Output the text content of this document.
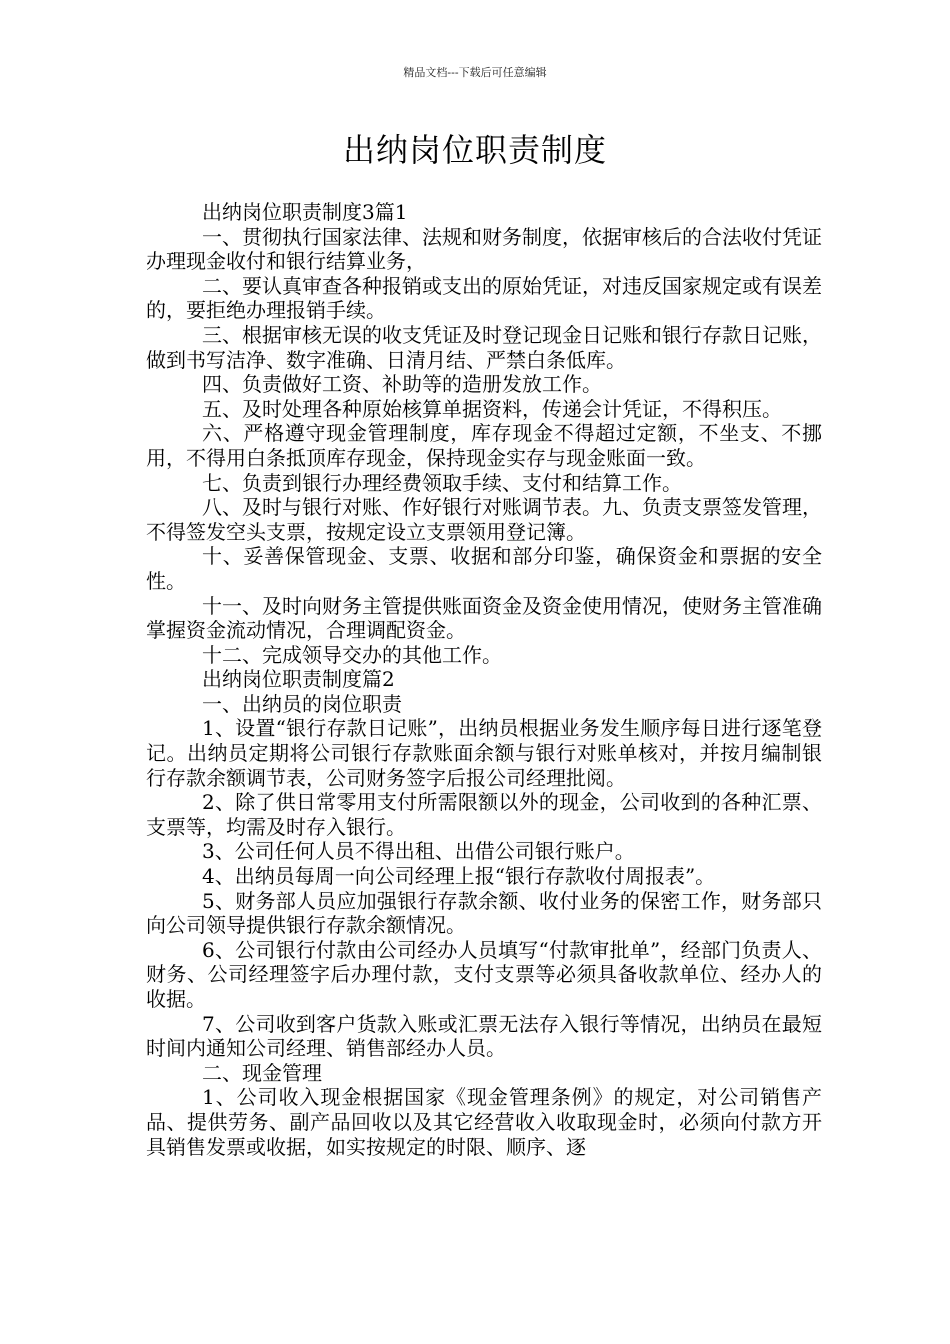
精品文档---下载后可任意编辑
出纳岗位职责制度

出纳岗位职责制度3篇1

一、贯彻执行国家法律、法规和财务制度，依据审核后的合法收付凭证办理现金收付和银行结算业务，

二、要认真审查各种报销或支出的原始凭证，对违反国家规定或有误差的，要拒绝办理报销手续。

三、根据审核无误的收支凭证及时登记现金日记账和银行存款日记账，做到书写洁净、数字准确、日清月结、严禁白条低库。

四、负责做好工资、补助等的造册发放工作。

五、及时处理各种原始核算单据资料，传递会计凭证，不得积压。

六、严格遵守现金管理制度，库存现金不得超过定额，不坐支、不挪用，不得用白条抵顶库存现金，保持现金实存与现金账面一致。

七、负责到银行办理经费领取手续、支付和结算工作。

八、及时与银行对账、作好银行对账调节表。九、负责支票签发管理，不得签发空头支票，按规定设立支票领用登记簿。

十、妥善保管现金、支票、收据和部分印鉴，确保资金和票据的安全性。

十一、及时向财务主管提供账面资金及资金使用情况，使财务主管准确掌握资金流动情况，合理调配资金。

十二、完成领导交办的其他工作。

出纳岗位职责制度篇2

一、出纳员的岗位职责

1、设置“银行存款日记账”，出纳员根据业务发生顺序每日进行逐笔登记。出纳员定期将公司银行存款账面余额与银行对账单核对，并按月编制银行存款余额调节表，公司财务签字后报公司经理批阅。

2、除了供日常零用支付所需限额以外的现金，公司收到的各种汇票、支票等，均需及时存入银行。

3、公司任何人员不得出租、出借公司银行账户。

4、出纳员每周一向公司经理上报“银行存款收付周报表”。

5、财务部人员应加强银行存款余额、收付业务的保密工作，财务部只向公司领导提供银行存款余额情况。

6、公司银行付款由公司经办人员填写“付款审批单”，经部门负责人、财务、公司经理签字后办理付款，支付支票等必须具备收款单位、经办人的收据。

7、公司收到客户货款入账或汇票无法存入银行等情况，出纳员在最短时间内通知公司经理、销售部经办人员。

二、现金管理

1、公司收入现金根据国家《现金管理条例》的规定，对公司销售产品、提供劳务、副产品回收以及其它经营收入收取现金时，必须向付款方开具销售发票或收据，如实按规定的时限、顺序、逐
